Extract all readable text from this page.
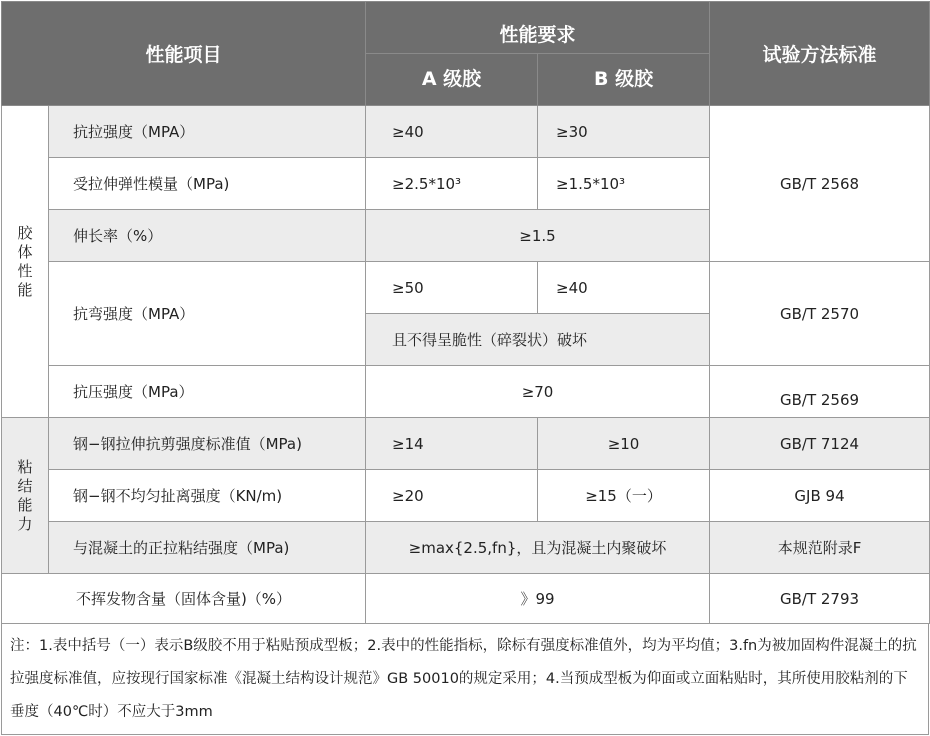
性能项目		性能要求		试验方法标准
		A 级胶	B 级胶	
胶
体
性
能	抗拉强度（MPA）	≥40	≥30	GB/T 2568
	受拉伸弹性模量（MPa)	≥2.5*10³	≥1.5*10³	
	伸长率（%）	≥1.5		
	抗弯强度（MPA）	≥50	≥40	GB/T 2570
		且不得呈脆性（碎裂状）破坏		
	抗压强度（MPa）	≥70		GB/T 2569
粘
结
能
力	钢−钢拉伸抗剪强度标准值（MPa)	≥14	≥10	GB/T 7124
	钢−钢不均匀扯离强度（KN/m)	≥20	≥15（一）	GJB 94
	与混凝土的正拉粘结强度（MPa)	≥max{2.5,fn}，且为混凝土内聚破坏		本规范附录F
不挥发物含量（固体含量)（%）		》99		GB/T 2793
注：1.表中括号（一）表示B级胶不用于粘贴预成型板；2.表中的性能指标，除标有强度标准值外，均为平均值；3.fn为被加固构件混凝土的抗拉强度标准值，应按现行国家标准《混凝土结构设计规范》GB 50010的规定采用；4.当预成型板为仰面或立面粘贴时，其所使用胶粘剂的下垂度（40℃时）不应大于3mm
